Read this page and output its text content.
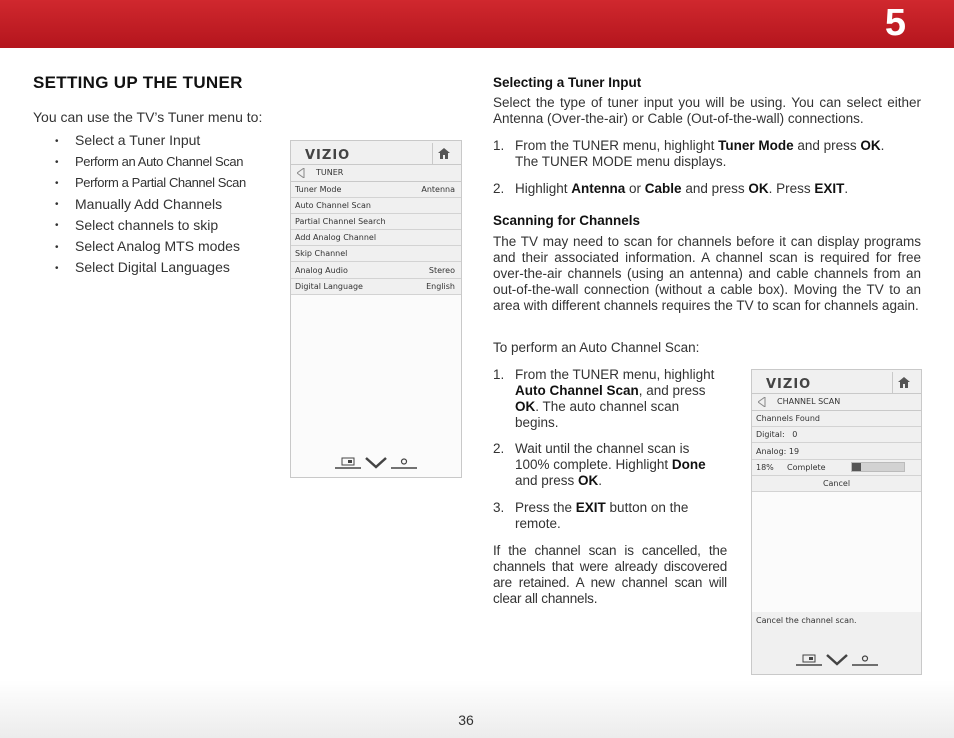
5
SETTING UP THE TUNER

You can use the TV’s Tuner menu to:

• Select a Tuner Input
• Perform an Auto Channel Scan
• Perform a Partial Channel Scan
• Manually Add Channels
• Select channels to skip
• Select Analog MTS modes
• Select Digital Languages
VIZIO
TUNER
Tuner Mode	Antenna
Auto Channel Scan
Partial Channel Search
Add Analog Channel
Skip Channel
Analog Audio	Stereo
Digital Language	English
Selecting a Tuner Input

Select the type of tuner input you will be using. You can select either Antenna (Over-the-air) or Cable (Out-of-the-wall) connections.

1. From the TUNER menu, highlight Tuner Mode and press OK.
The TUNER MODE menu displays.
2. Highlight Antenna or Cable and press OK. Press EXIT.
Scanning for Channels

The TV may need to scan for channels before it can display programs and their associated information. A channel scan is required for free over-the-air channels (using an antenna) and cable channels from an out-of-the-wall connection (without a cable box). Moving the TV to an area with different channels requires the TV to scan for channels again.

To perform an Auto Channel Scan:

1. From the TUNER menu, highlight
Auto Channel Scan, and press
OK. The auto channel scan
begins.
2. Wait until the channel scan is
100% complete. Highlight Done
and press OK.
3. Press the EXIT button on the
remote.

If the channel scan is cancelled, the channels that were already discovered are retained. A new channel scan will clear all channels.

VIZIO
CHANNEL SCAN
Channels Found
Digital:   0
Analog: 19
18% Complete
Cancel
Cancel the channel scan.
36
